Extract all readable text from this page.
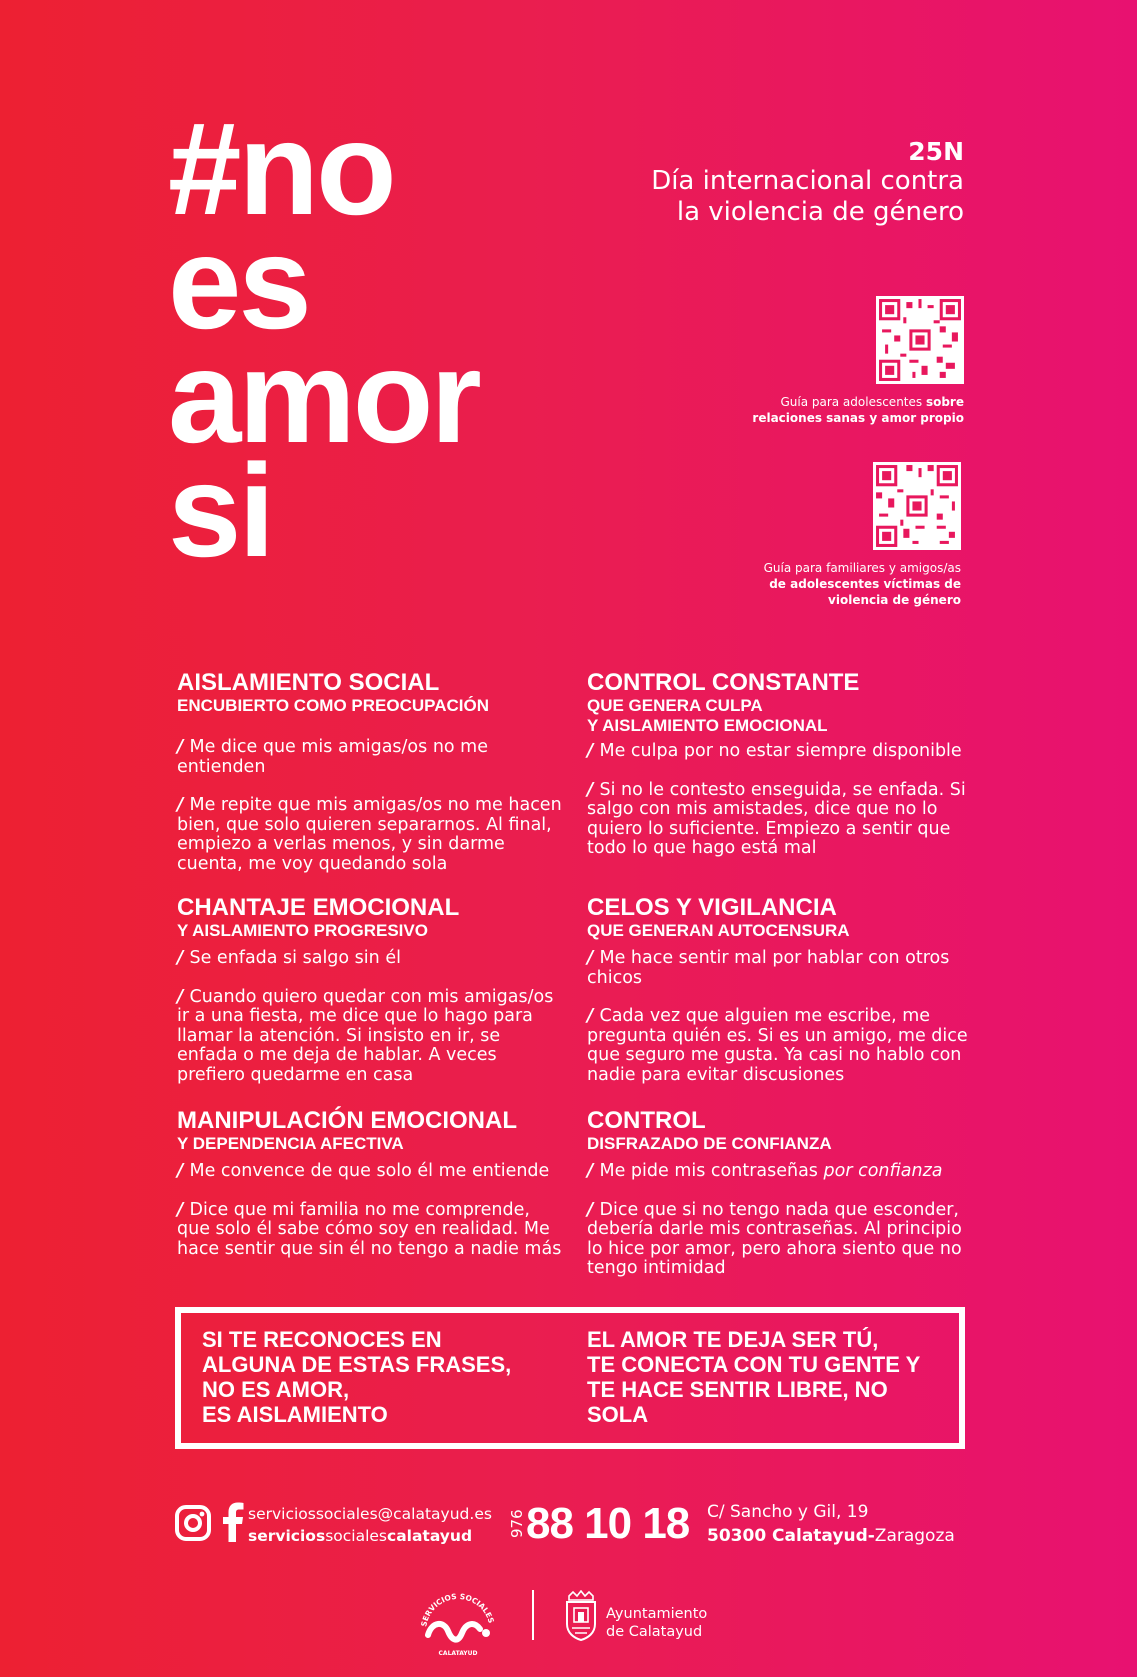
#no
es
amor
si
25N
Día internacional contra
la violencia de género
Guía para adolescentes sobre
relaciones sanas y amor propio
Guía para familiares y amigos/as
de adolescentes víctimas de
violencia de género
AISLAMIENTO SOCIAL
ENCUBIERTO COMO PREOCUPACIÓN

/ Me dice que mis amigas/os no me entienden

/ Me repite que mis amigas/os no me hacen bien, que solo quieren separarnos. Al final, empiezo a verlas menos, y sin darme cuenta, me voy quedando sola

CONTROL CONSTANTE
QUE GENERA CULPA
Y AISLAMIENTO EMOCIONAL

/ Me culpa por no estar siempre disponible

/ Si no le contesto enseguida, se enfada. Si salgo con mis amistades, dice que no lo quiero lo suficiente. Empiezo a sentir que todo lo que hago está mal

CHANTAJE EMOCIONAL
Y AISLAMIENTO PROGRESIVO

/ Se enfada si salgo sin él

/ Cuando quiero quedar con mis amigas/os ir a una fiesta, me dice que lo hago para llamar la atención. Si insisto en ir, se enfada o me deja de hablar. A veces prefiero quedarme en casa

CELOS Y VIGILANCIA
QUE GENERAN AUTOCENSURA

/ Me hace sentir mal por hablar con otros chicos

/ Cada vez que alguien me escribe, me pregunta quién es. Si es un amigo, me dice que seguro me gusta. Ya casi no hablo con nadie para evitar discusiones

MANIPULACIÓN EMOCIONAL
Y DEPENDENCIA AFECTIVA

/ Me convence de que solo él me entiende

/ Dice que mi familia no me comprende, que solo él sabe cómo soy en realidad. Me hace sentir que sin él no tengo a nadie más

CONTROL
DISFRAZADO DE CONFIANZA

/ Me pide mis contraseñas por confianza

/ Dice que si no tengo nada que esconder, debería darle mis contraseñas. Al principio lo hice por amor, pero ahora siento que no tengo intimidad

SI TE RECONOCES EN
ALGUNA DE ESTAS FRASES,
NO ES AMOR,
ES AISLAMIENTO
EL AMOR TE DEJA SER TÚ,
TE CONECTA CON TU GENTE Y
TE HACE SENTIR LIBRE, NO
SOLA

serviciossociales@calatayud.es
serviciossocialescalatayud	976 88 10 18 C/ Sancho y Gil, 19
50300 Calatayud-Zaragoza
SERVICIOS SOCIALES
CALATAYUD
Ayuntamiento
de Calatayud
